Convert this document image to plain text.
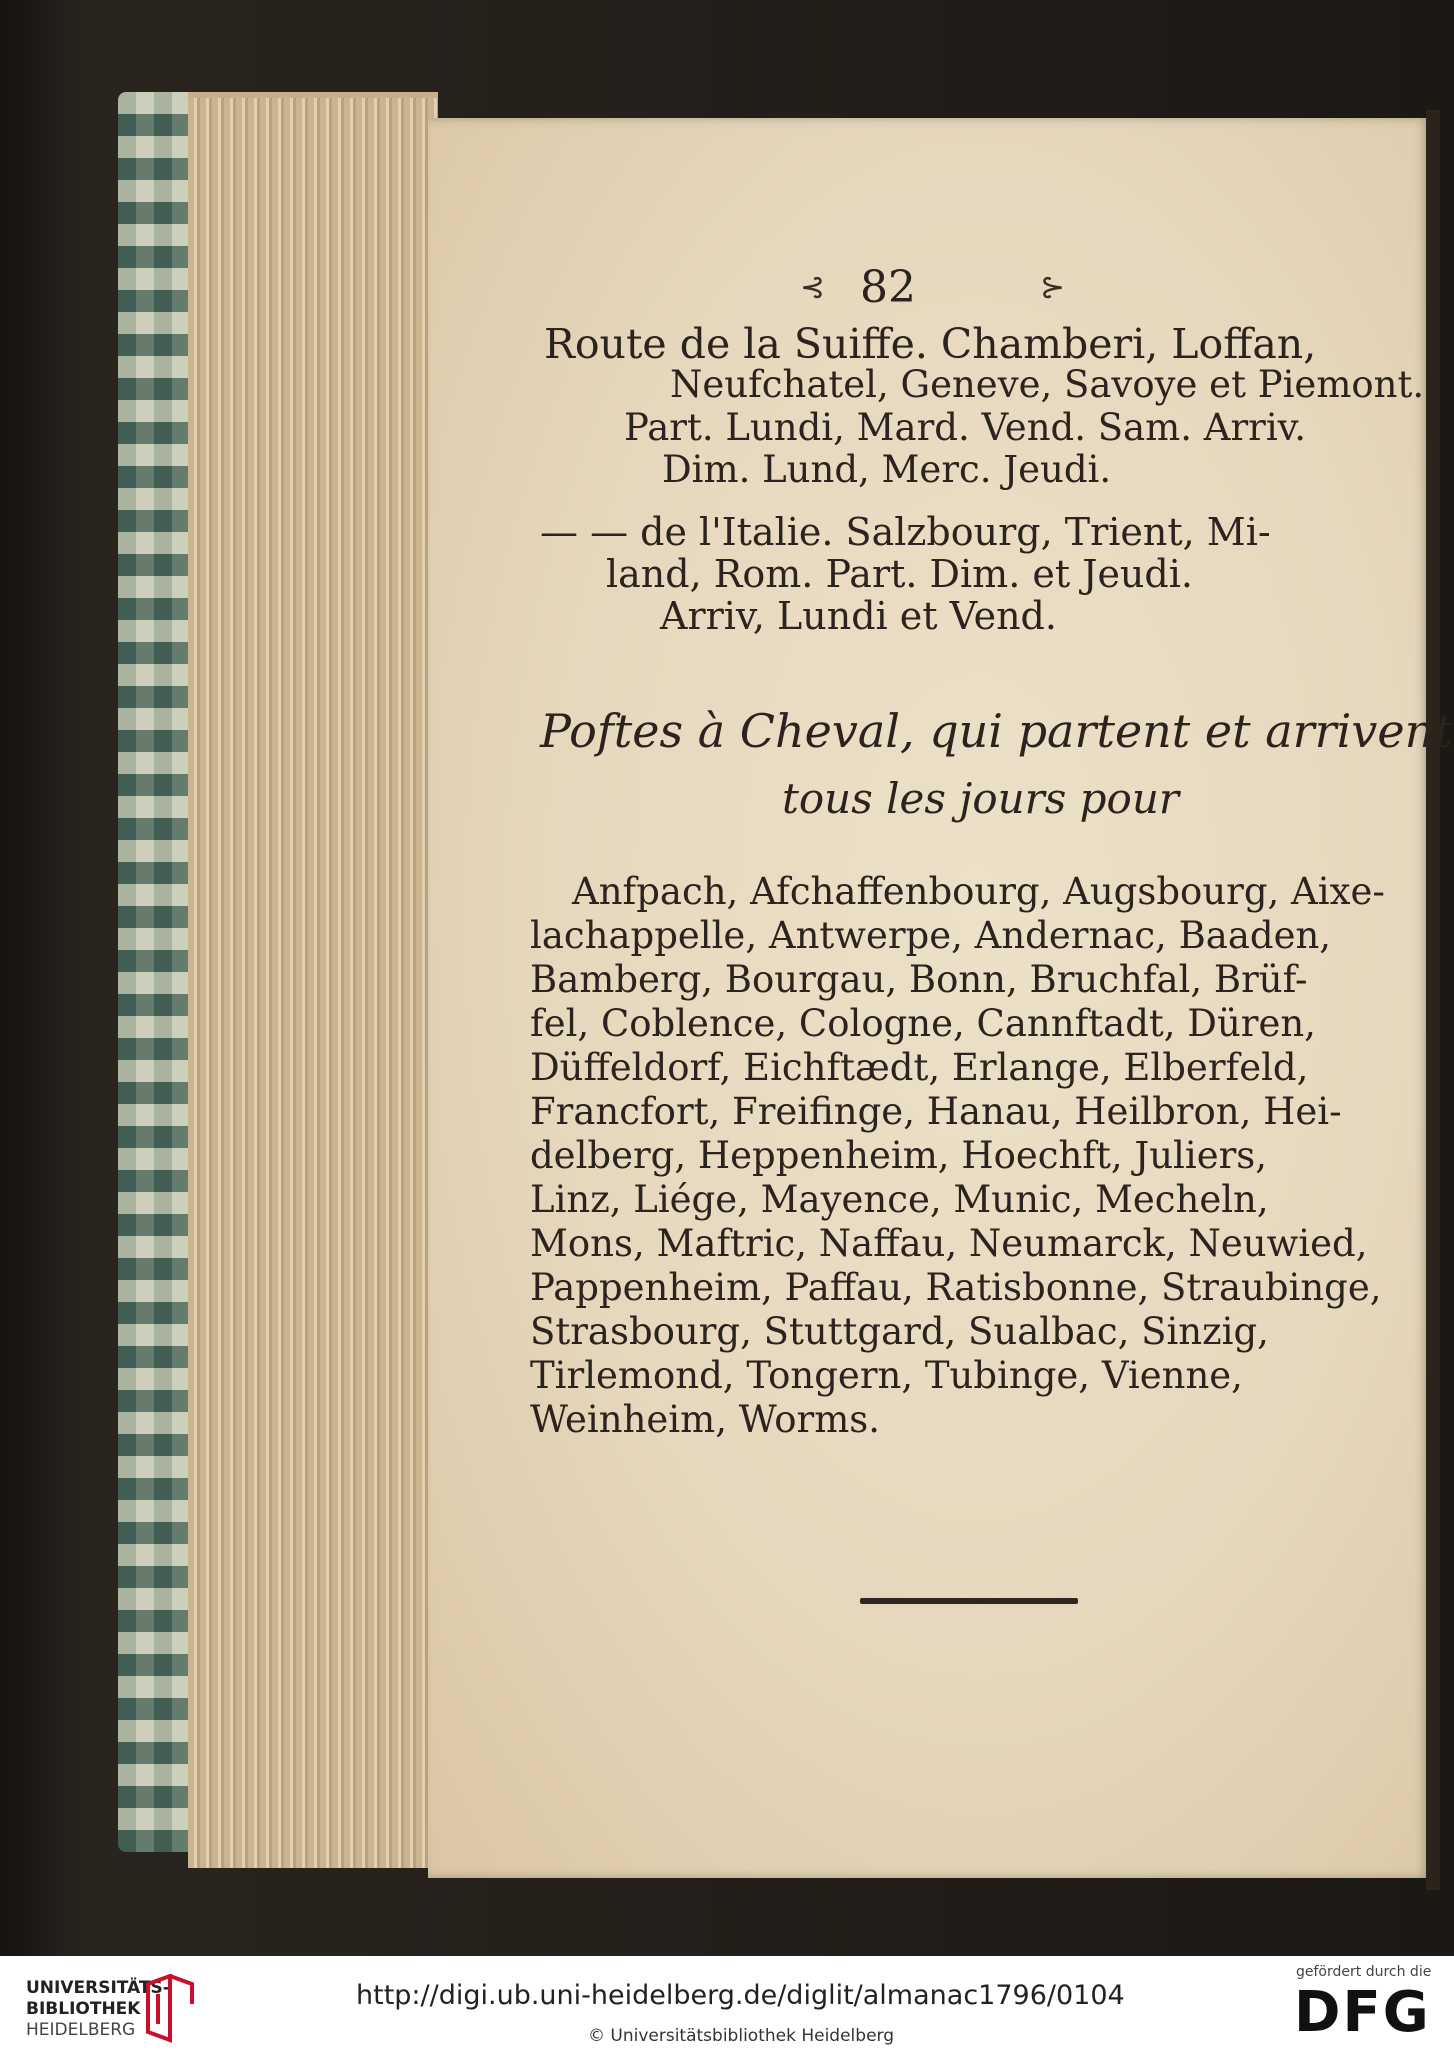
⊰ 82	⊱
Route de la Suiffe. Chamberi, Loffan,
Neufchatel, Geneve, Savoye et Piemont.
Part. Lundi, Mard. Vend. Sam. Arriv.
Dim. Lund, Merc. Jeudi.
— — de l'Italie. Salzbourg, Trient, Mi-
land, Rom. Part. Dim. et Jeudi.
Arriv, Lundi et Vend.
Poftes à Cheval, qui partent et arrivent
tous les jours pour
Anfpach, Afchaffenbourg, Augsbourg, Aixe-
lachappelle, Antwerpe, Andernac, Baaden,
Bamberg, Bourgau, Bonn, Bruchfal, Brüf-
fel, Coblence, Cologne, Cannftadt, Düren,
Düffeldorf, Eichftædt, Erlange, Elberfeld,
Francfort, Freifinge, Hanau, Heilbron, Hei-
delberg, Heppenheim, Hoechft, Juliers,
Linz, Liége, Mayence, Munic, Mecheln,
Mons, Maftric, Naffau, Neumarck, Neuwied,
Pappenheim, Paffau, Ratisbonne, Straubinge,
Strasbourg, Stuttgard, Sualbac, Sinzig,
Tirlemond, Tongern, Tubinge, Vienne,
Weinheim, Worms.
UNIVERSITÄTS-
BIBLIOTHEK
HEIDELBERG
http://digi.ub.uni-heidelberg.de/diglit/almanac1796/0104
© Universitätsbibliothek Heidelberg
gefördert durch die
DFG
